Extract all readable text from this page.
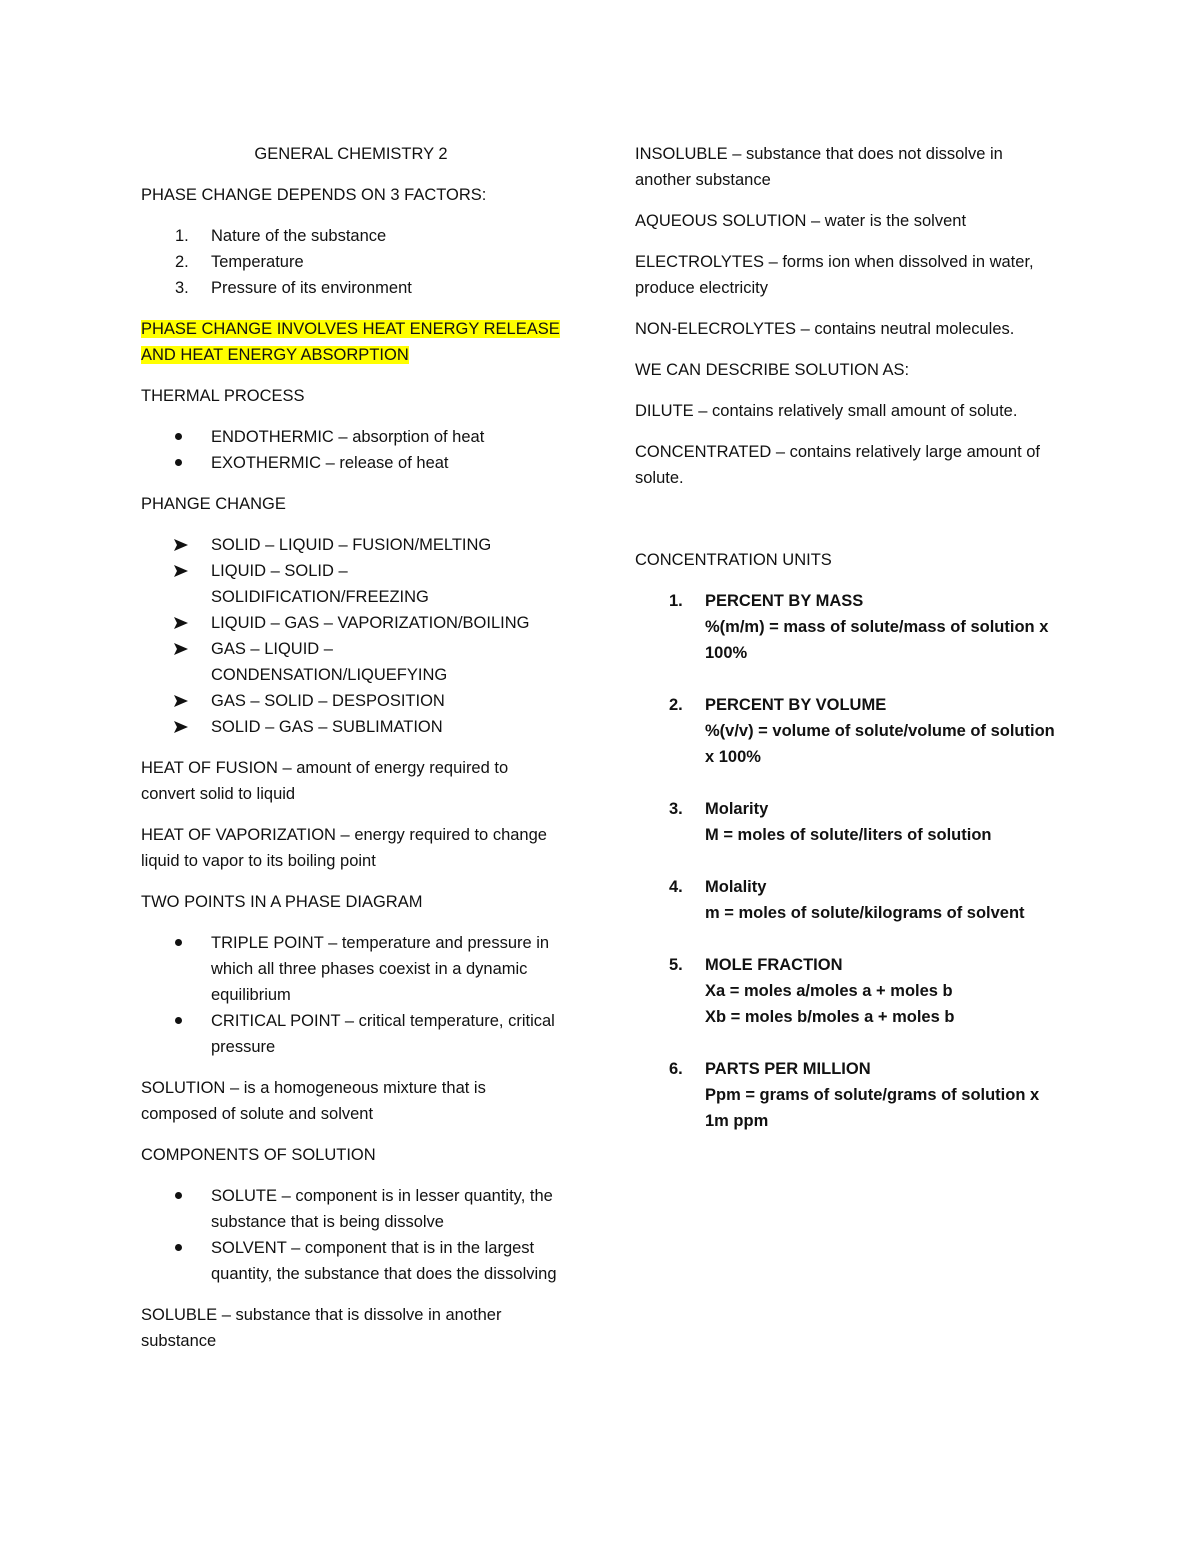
GENERAL CHEMISTRY 2

PHASE CHANGE DEPENDS ON 3 FACTORS:

1. Nature of the substance
2. Temperature
3. Pressure of its environment

PHASE CHANGE INVOLVES HEAT ENERGY RELEASE AND HEAT ENERGY ABSORPTION

THERMAL PROCESS

ENDOTHERMIC – absorption of heat
EXOTHERMIC – release of heat

PHANGE CHANGE

SOLID – LIQUID – FUSION/MELTING
LIQUID – SOLID – SOLIDIFICATION/FREEZING
LIQUID – GAS – VAPORIZATION/BOILING
GAS – LIQUID – CONDENSATION/LIQUEFYING
GAS – SOLID – DESPOSITION
SOLID – GAS – SUBLIMATION

HEAT OF FUSION – amount of energy required to convert solid to liquid

HEAT OF VAPORIZATION – energy required to change liquid to vapor to its boiling point

TWO POINTS IN A PHASE DIAGRAM

TRIPLE POINT – temperature and pressure in which all three phases coexist in a dynamic equilibrium
CRITICAL POINT – critical temperature, critical pressure

SOLUTION – is a homogeneous mixture that is composed of solute and solvent

COMPONENTS OF SOLUTION

SOLUTE – component is in lesser quantity, the substance that is being dissolve
SOLVENT – component that is in the largest quantity, the substance that does the dissolving

SOLUBLE – substance that is dissolve in another substance

INSOLUBLE – substance that does not dissolve in another substance

AQUEOUS SOLUTION – water is the solvent

ELECTROLYTES – forms ion when dissolved in water, produce electricity

NON-ELECROLYTES – contains neutral molecules.

WE CAN DESCRIBE SOLUTION AS:

DILUTE – contains relatively small amount of solute.

CONCENTRATED – contains relatively large amount of solute.

CONCENTRATION UNITS

1. PERCENT BY MASS
%(m/m) = mass of solute/mass of solution x 100%
2. PERCENT BY VOLUME
%(v/v) = volume of solute/volume of solution x 100%
3. Molarity
M = moles of solute/liters of solution
4. Molality
m = moles of solute/kilograms of solvent
5. MOLE FRACTION
Xa = moles a/moles a + moles b
Xb = moles b/moles a + moles b
6. PARTS PER MILLION
Ppm = grams of solute/grams of solution x 1m ppm
